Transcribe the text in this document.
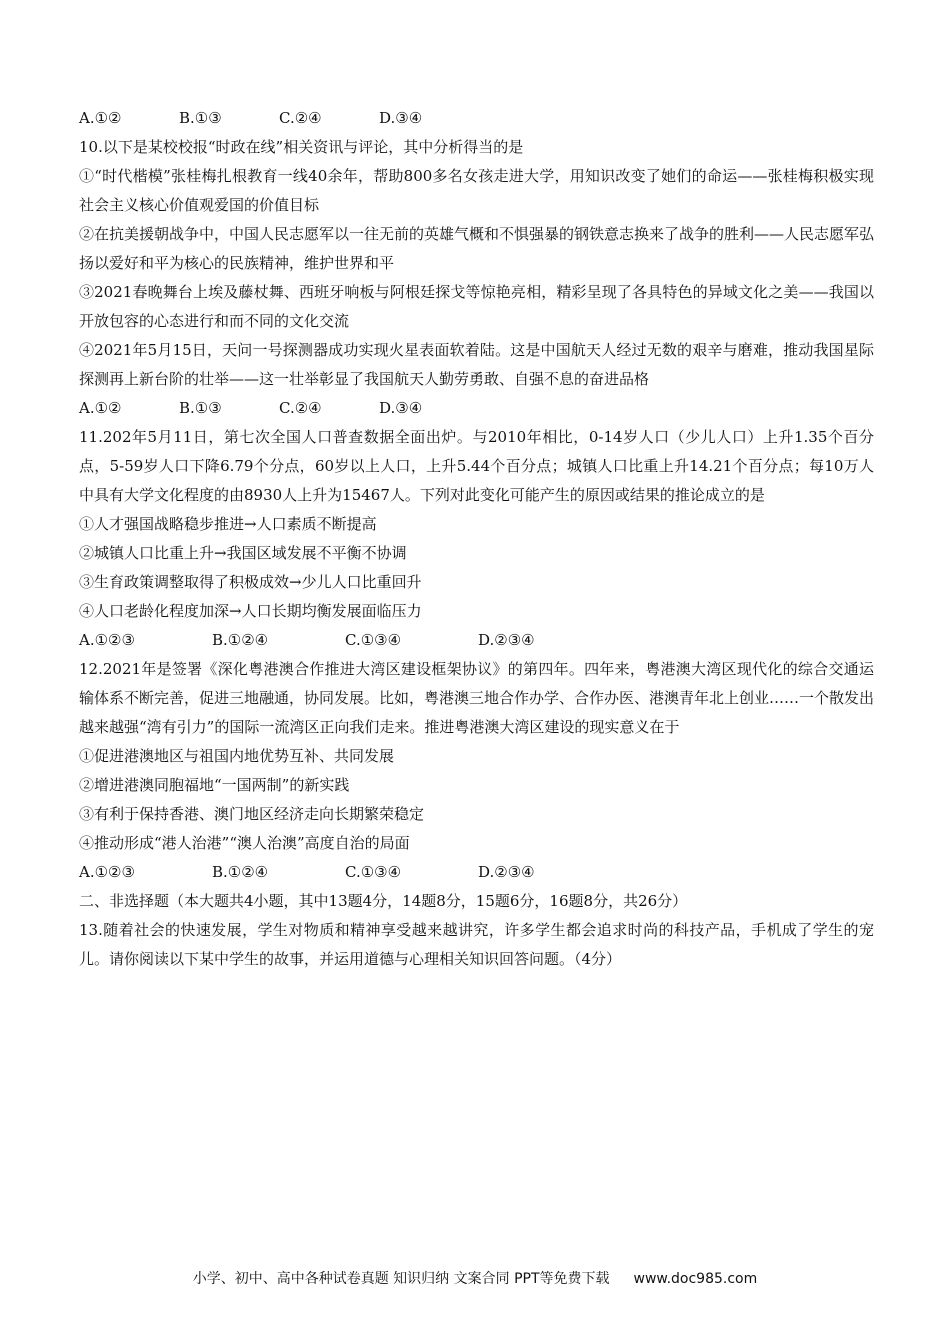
A.①②	B.①③	C.②④	D.③④
10.以下是某校校报“时政在线”相关资讯与评论，其中分析得当的是
①“时代楷模”张桂梅扎根教育一线40余年，帮助800多名女孩走进大学，用知识改变了她们的命运——张桂梅积极实现社会主义核心价值观爱国的价值目标
②在抗美援朝战争中，中国人民志愿军以一往无前的英雄气概和不惧强暴的钢铁意志换来了战争的胜利——人民志愿军弘扬以爱好和平为核心的民族精神，维护世界和平
③2021春晚舞台上埃及藤杖舞、西班牙响板与阿根廷探戈等惊艳亮相，精彩呈现了各具特色的异域文化之美——我国以开放包容的心态进行和而不同的文化交流
④2021年5月15日，天问一号探测器成功实现火星表面软着陆。这是中国航天人经过无数的艰辛与磨难，推动我国星际探测再上新台阶的壮举——这一壮举彰显了我国航天人勤劳勇敢、自强不息的奋进品格
A.①②	B.①③	C.②④	D.③④
11.202年5月11日，第七次全国人口普查数据全面出炉。与2010年相比，0-14岁人口（少儿人口）上升1.35个百分点，5-59岁人口下降6.79个分点，60岁以上人口，上升5.44个百分点；城镇人口比重上升14.21个百分点；每10万人中具有大学文化程度的由8930人上升为15467人。下列对此变化可能产生的原因或结果的推论成立的是
①人才强国战略稳步推进→人口素质不断提高
②城镇人口比重上升→我国区域发展不平衡不协调
③生育政策调整取得了积极成效→少儿人口比重回升
④人口老龄化程度加深→人口长期均衡发展面临压力
A.①②③	B.①②④	C.①③④	D.②③④
12.2021年是签署《深化粤港澳合作推进大湾区建设框架协议》的第四年。四年来，粤港澳大湾区现代化的综合交通运输体系不断完善，促进三地融通，协同发展。比如，粤港澳三地合作办学、合作办医、港澳青年北上创业……一个散发出越来越强“湾有引力”的国际一流湾区正向我们走来。推进粤港澳大湾区建设的现实意义在于
①促进港澳地区与祖国内地优势互补、共同发展
②增进港澳同胞福地“一国两制”的新实践
③有利于保持香港、澳门地区经济走向长期繁荣稳定
④推动形成“港人治港”“澳人治澳”高度自治的局面
A.①②③	B.①②④	C.①③④	D.②③④
二、非选择题（本大题共4小题，其中13题4分，14题8分，15题6分，16题8分，共26分）
13.随着社会的快速发展，学生对物质和精神享受越来越讲究，许多学生都会追求时尚的科技产品，手机成了学生的宠儿。请你阅读以下某中学生的故事，并运用道德与心理相关知识回答问题。（4分）
小学、初中、高中各种试卷真题 知识归纳 文案合同 PPT等免费下载 www.doc985.com
